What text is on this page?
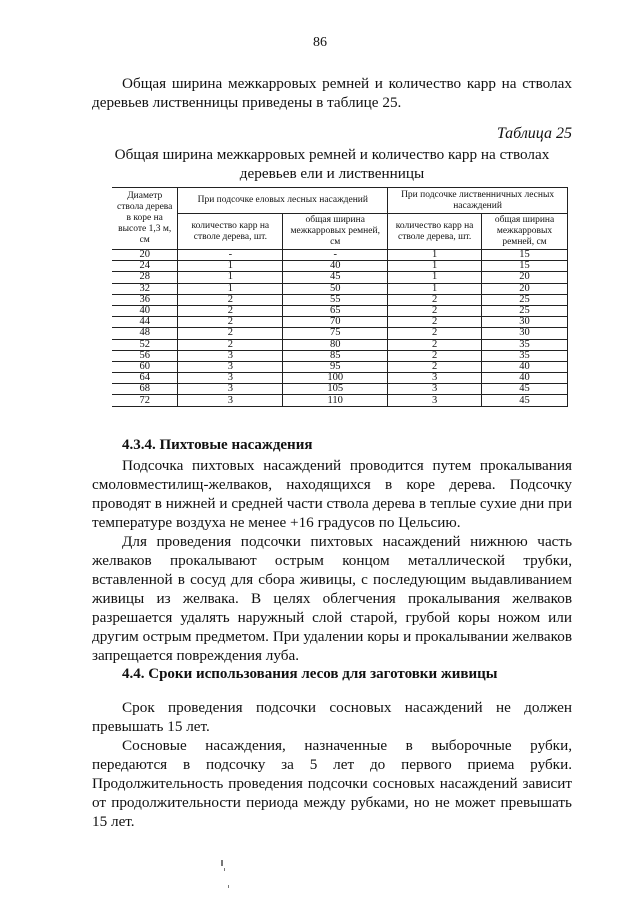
86
Общая ширина межкарровых ремней и количество карр на стволах деревьев лиственницы приведены в таблице 25.
Таблица 25
Общая ширина межкарровых ремней и количество карр на стволах деревьев ели и лиственницы
Диаметр ствола дерева в коре на высоте 1,3 м, см	При подсочке еловых лесных насаждений		При подсочке лиственничных лесных насаждений	
	количество карр на стволе дерева, шт.	общая ширина межкарровых ремней, см	количество карр на стволе дерева, шт.	общая ширина межкарровых ремней, см
20	-	-	1	15
24	1	40	1	15
28	1	45	1	20
32	1	50	1	20
36	2	55	2	25
40	2	65	2	25
44	2	70	2	30
48	2	75	2	30
52	2	80	2	35
56	3	85	2	35
60	3	95	2	40
64	3	100	3	40
68	3	105	3	45
72	3	110	3	45
4.3.4. Пихтовые насаждения
Подсочка пихтовых насаждений проводится путем прокалывания смоловместилищ-желваков, находящихся в коре дерева. Подсочку проводят в нижней и средней части ствола дерева в теплые сухие дни при температуре воздуха не менее +16 градусов по Цельсию.
Для проведения подсочки пихтовых насаждений нижнюю часть желваков прокалывают острым концом металлической трубки, вставленной в сосуд для сбора живицы, с последующим выдавливанием живицы из желвака. В целях облегчения прокалывания желваков разрешается удалять наружный слой старой, грубой коры ножом или другим острым предметом. При удалении коры и прокалывании желваков запрещается повреждения луба.
4.4. Сроки использования лесов для заготовки живицы
Срок проведения подсочки сосновых насаждений не должен превышать 15 лет.
Сосновые насаждения, назначенные в выборочные рубки, передаются в подсочку за 5 лет до первого приема рубки. Продолжительность проведения подсочки сосновых насаждений зависит от продолжительности периода между рубками, но не может превышать 15 лет.
